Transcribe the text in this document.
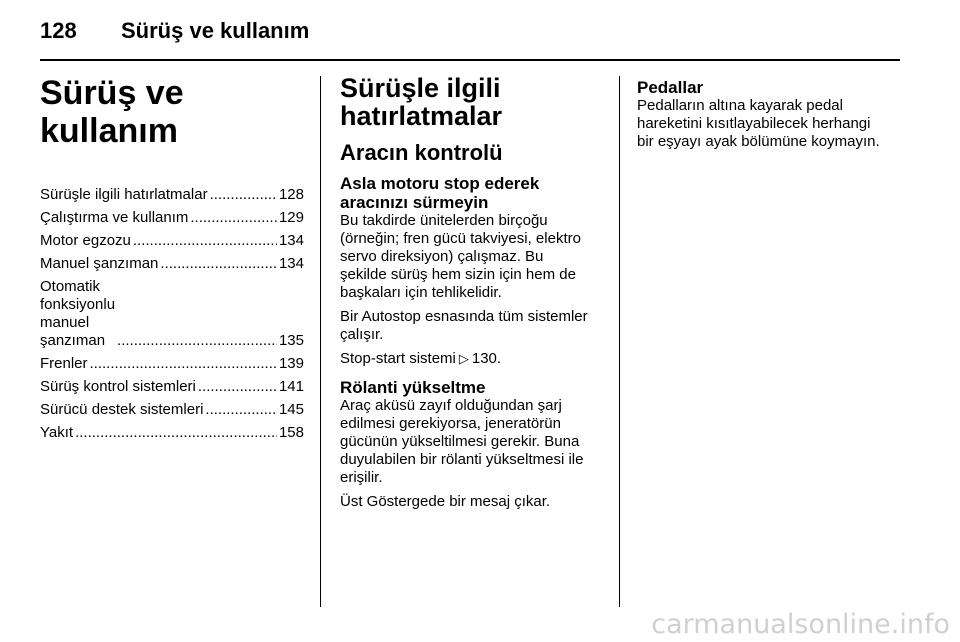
128 Sürüş ve kullanım
Sürüş ve kullanım
Sürüşle ilgili hatırlatmalar .....	128
Çalıştırma ve kullanım .....	129
Motor egzozu .....	134
Manuel şanzıman .....	134
Otomatik fonksiyonlu manuel
şanzıman .....	135
Frenler .....	139
Sürüş kontrol sistemleri .....	141
Sürücü destek sistemleri .....	145
Yakıt .....	158
Sürüşle ilgili
hatırlatmalar
Aracın kontrolü
Asla motoru stop ederek
aracınızı sürmeyin

Bu takdirde ünitelerden birçoğu
(örneğin; fren gücü takviyesi, elektro
servo direksiyon) çalışmaz. Bu
şekilde sürüş hem sizin için hem de
başkaları için tehlikelidir.

Bir Autostop esnasında tüm sistemler
çalışır.

Stop-start sistemi ▷ 130.

Rölanti yükseltme

Araç aküsü zayıf olduğundan şarj
edilmesi gerekiyorsa, jeneratörün
gücünün yükseltilmesi gerekir. Buna
duyulabilen bir rölanti yükseltmesi ile
erişilir.

Üst Göstergede bir mesaj çıkar.

Pedallar

Pedalların altına kayarak pedal
hareketini kısıtlayabilecek herhangi
bir eşyayı ayak bölümüne koymayın.

carmanualsonline.info
